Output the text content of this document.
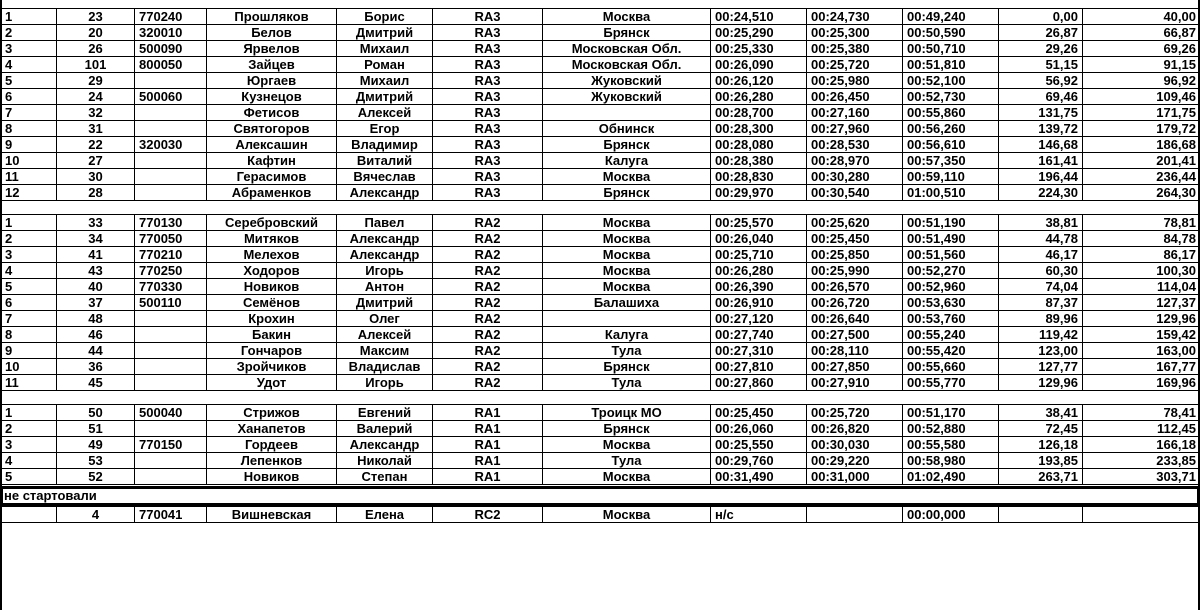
1	23	770240	Прошляков	Борис	RA3	Москва	00:24,510	00:24,730	00:49,240	0,00	40,00
2	20	320010	Белов	Дмитрий	RA3	Брянск	00:25,290	00:25,300	00:50,590	26,87	66,87
3	26	500090	Ярвелов	Михаил	RA3	Московская Обл.	00:25,330	00:25,380	00:50,710	29,26	69,26
4	101	800050	Зайцев	Роман	RA3	Московская Обл.	00:26,090	00:25,720	00:51,810	51,15	91,15
5	29		Юргаев	Михаил	RA3	Жуковский	00:26,120	00:25,980	00:52,100	56,92	96,92
6	24	500060	Кузнецов	Дмитрий	RA3	Жуковский	00:26,280	00:26,450	00:52,730	69,46	109,46
7	32		Фетисов	Алексей	RA3		00:28,700	00:27,160	00:55,860	131,75	171,75
8	31		Святогоров	Егор	RA3	Обнинск	00:28,300	00:27,960	00:56,260	139,72	179,72
9	22	320030	Алексашин	Владимир	RA3	Брянск	00:28,080	00:28,530	00:56,610	146,68	186,68
10	27		Кафтин	Виталий	RA3	Калуга	00:28,380	00:28,970	00:57,350	161,41	201,41
11	30		Герасимов	Вячеслав	RA3	Москва	00:28,830	00:30,280	00:59,110	196,44	236,44
12	28		Абраменков	Александр	RA3	Брянск	00:29,970	00:30,540	01:00,510	224,30	264,30
1	33	770130	Серебровский	Павел	RA2	Москва	00:25,570	00:25,620	00:51,190	38,81	78,81
2	34	770050	Митяков	Александр	RA2	Москва	00:26,040	00:25,450	00:51,490	44,78	84,78
3	41	770210	Мелехов	Александр	RA2	Москва	00:25,710	00:25,850	00:51,560	46,17	86,17
4	43	770250	Ходоров	Игорь	RA2	Москва	00:26,280	00:25,990	00:52,270	60,30	100,30
5	40	770330	Новиков	Антон	RA2	Москва	00:26,390	00:26,570	00:52,960	74,04	114,04
6	37	500110	Семёнов	Дмитрий	RA2	Балашиха	00:26,910	00:26,720	00:53,630	87,37	127,37
7	48		Крохин	Олег	RA2		00:27,120	00:26,640	00:53,760	89,96	129,96
8	46		Бакин	Алексей	RA2	Калуга	00:27,740	00:27,500	00:55,240	119,42	159,42
9	44		Гончаров	Максим	RA2	Тула	00:27,310	00:28,110	00:55,420	123,00	163,00
10	36		Зройчиков	Владислав	RA2	Брянск	00:27,810	00:27,850	00:55,660	127,77	167,77
11	45		Удот	Игорь	RA2	Тула	00:27,860	00:27,910	00:55,770	129,96	169,96
1	50	500040	Стрижов	Евгений	RA1	Троицк МО	00:25,450	00:25,720	00:51,170	38,41	78,41
2	51		Ханапетов	Валерий	RA1	Брянск	00:26,060	00:26,820	00:52,880	72,45	112,45
3	49	770150	Гордеев	Александр	RA1	Москва	00:25,550	00:30,030	00:55,580	126,18	166,18
4	53		Лепенков	Николай	RA1	Тула	00:29,760	00:29,220	00:58,980	193,85	233,85
5	52		Новиков	Степан	RA1	Москва	00:31,490	00:31,000	01:02,490	263,71	303,71
не стартовали
	4	770041	Вишневская	Елена	RC2	Москва	н/с		00:00,000		
